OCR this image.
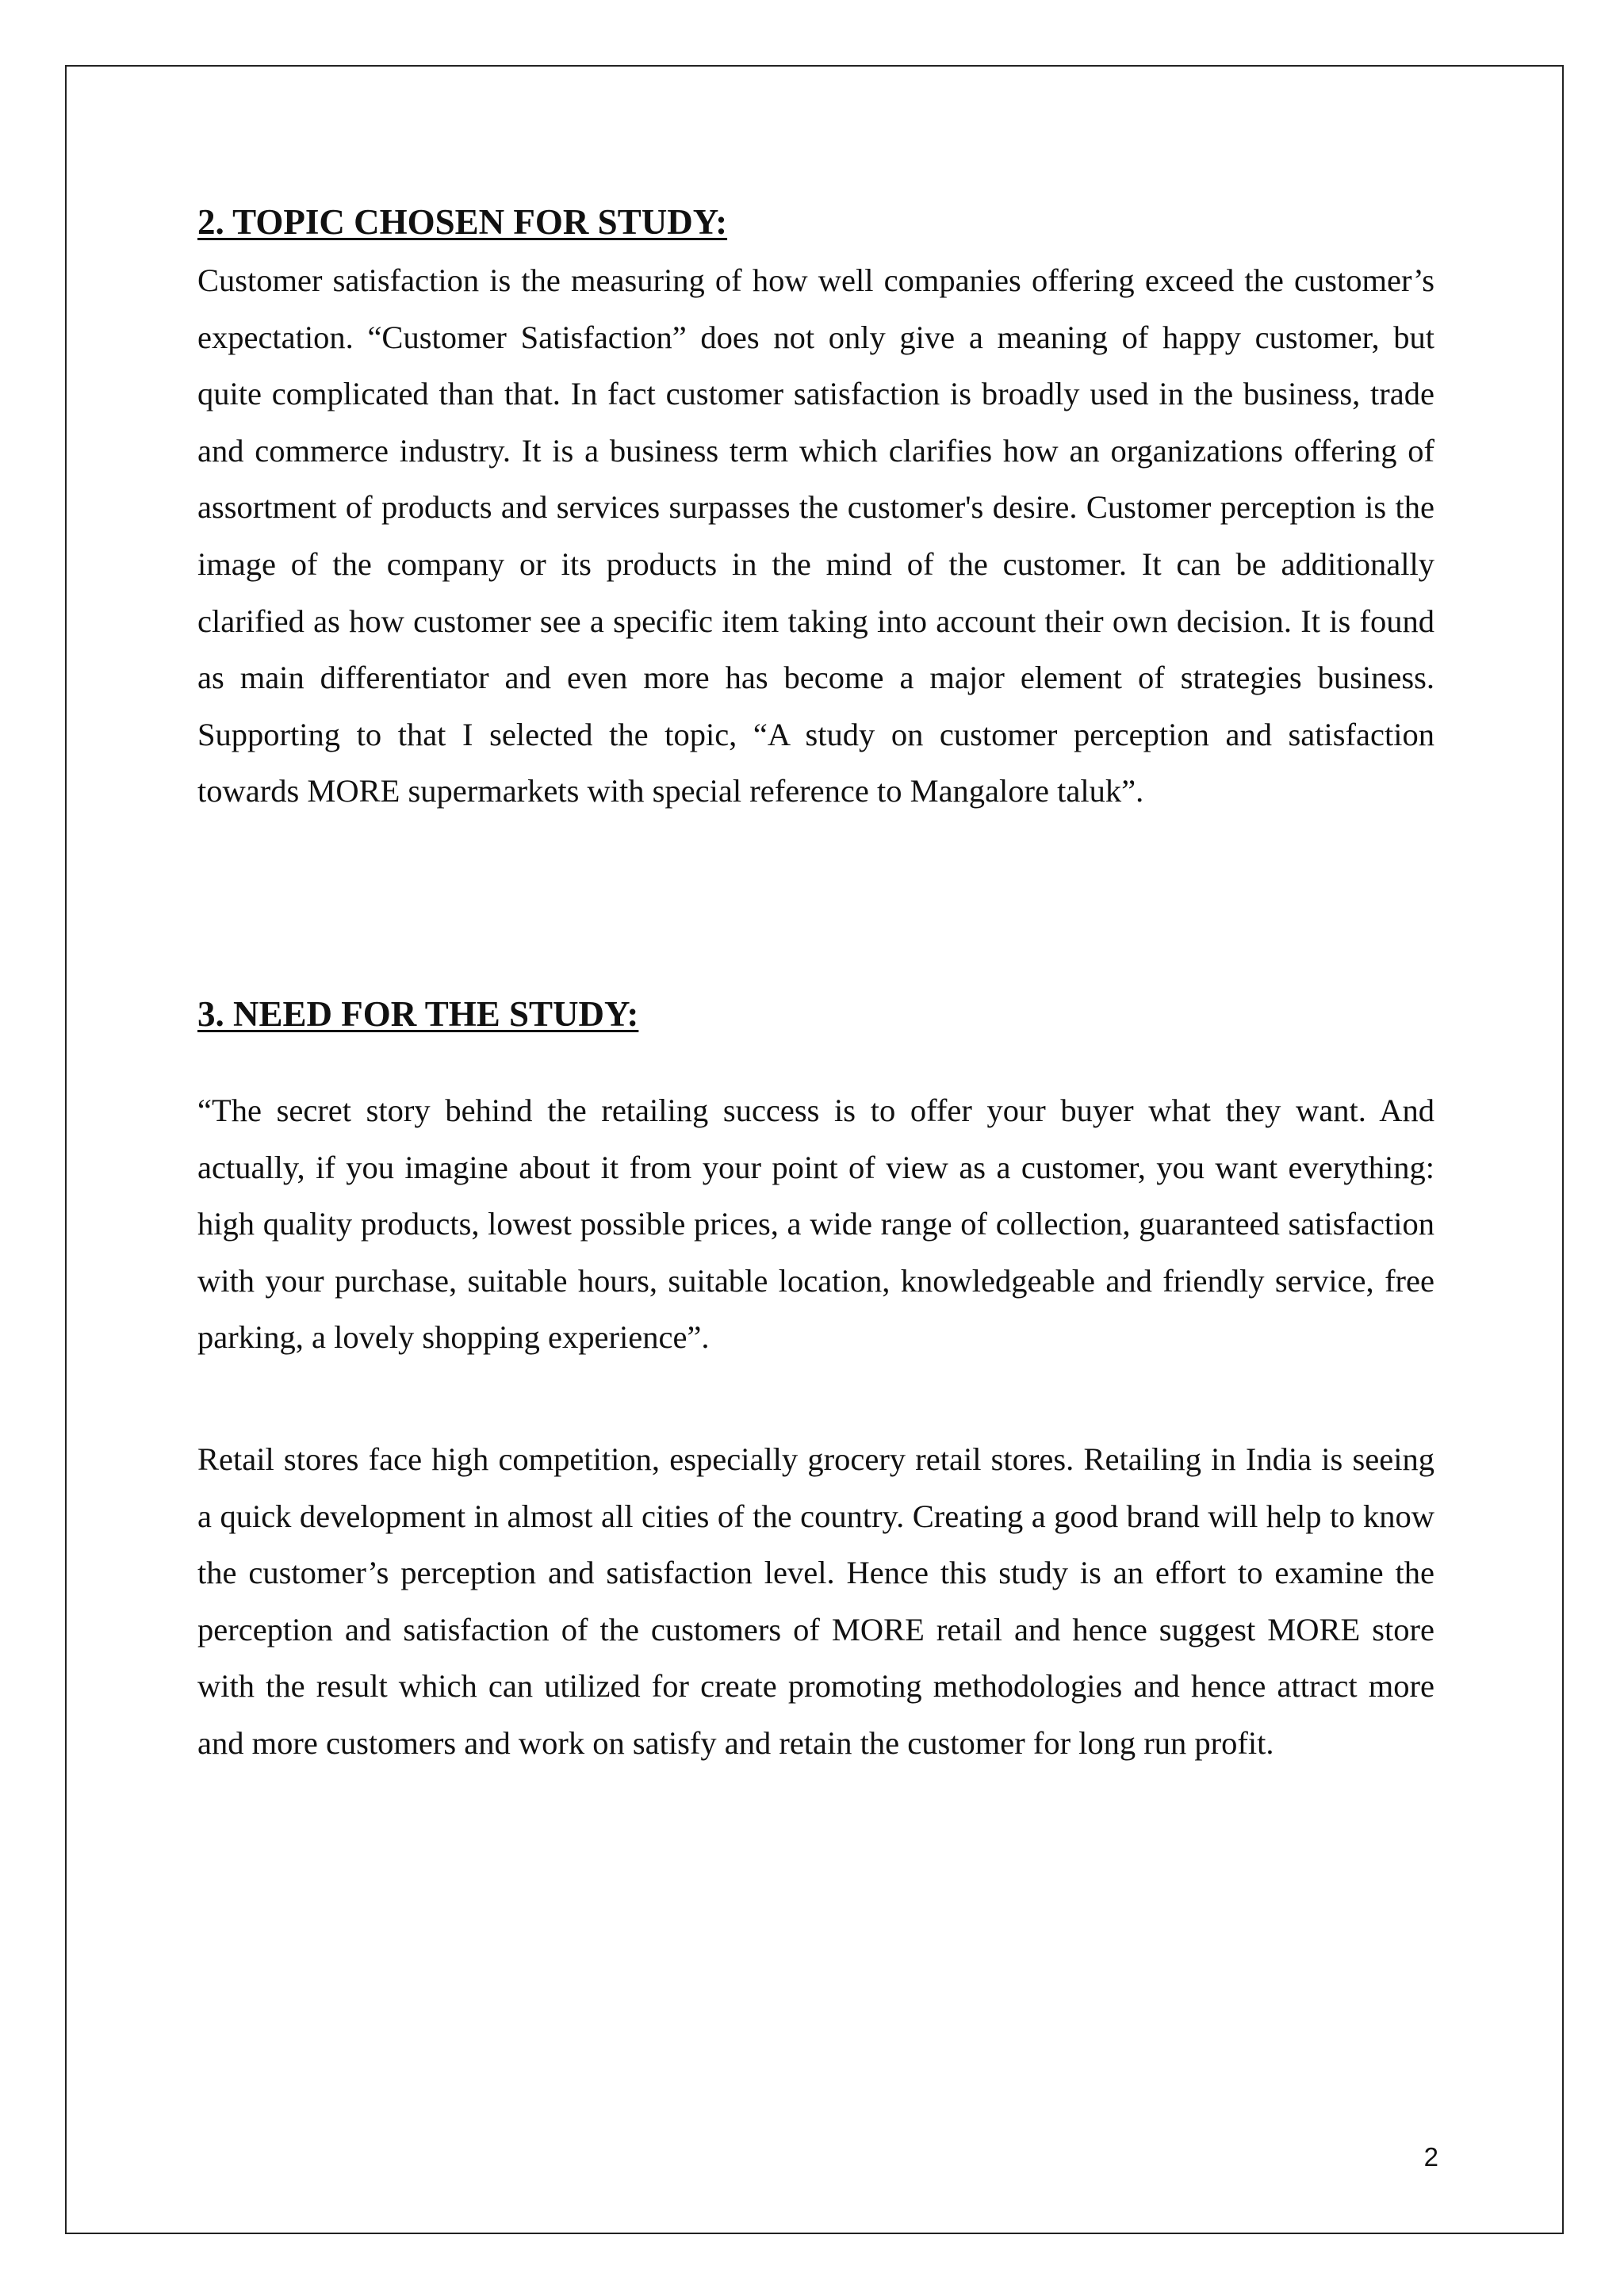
2. TOPIC CHOSEN FOR STUDY:

Customer satisfaction is the measuring of how well companies offering exceed the customer’s expectation. “Customer Satisfaction” does not only give a meaning of happy customer, but quite complicated than that. In fact customer satisfaction is broadly used in the business, trade and commerce industry. It is a business term which clarifies how an organizations offering of assortment of products and services surpasses the customer's desire. Customer perception is the image of the company or its products in the mind of the customer. It can be additionally clarified as how customer see a specific item taking into account their own decision. It is found as main differentiator and even more has become a major element of strategies business. Supporting to that I selected the topic, “A study on customer perception and satisfaction towards MORE supermarkets with special reference to Mangalore taluk”.

3. NEED FOR THE STUDY:

“The secret story behind the retailing success is to offer your buyer what they want. And actually, if you imagine about it from your point of view as a customer, you want everything: high quality products, lowest possible prices, a wide range of collection, guaranteed satisfaction with your purchase, suitable hours, suitable location, knowledgeable and friendly service, free parking, a lovely shopping experience”.

Retail stores face high competition, especially grocery retail stores. Retailing in India is seeing a quick development in almost all cities of the country. Creating a good brand will help to know the customer’s perception and satisfaction level. Hence this study is an effort to examine the perception and satisfaction of the customers of MORE retail and hence suggest MORE store with the result which can utilized for create promoting methodologies and hence attract more and more customers and work on satisfy and retain the customer for long run profit.

2
